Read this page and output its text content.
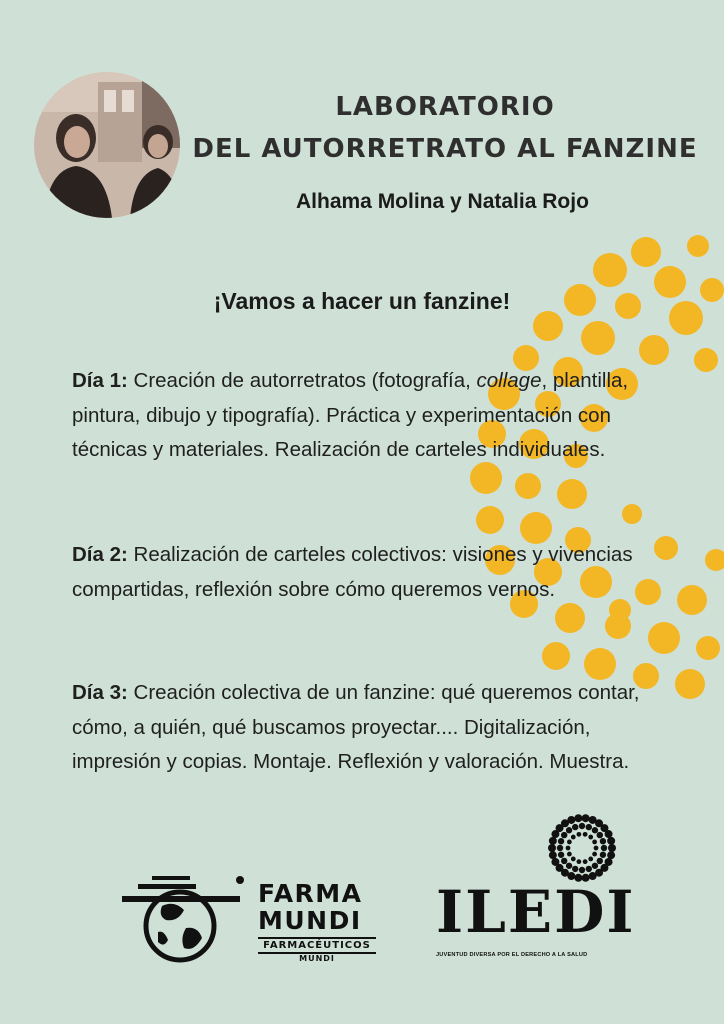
LABORATORIO
DEL AUTORRETRATO AL FANZINE
Alhama Molina y Natalia Rojo
¡Vamos a hacer un fanzine!
Día 1: Creación de autorretratos (fotografía, collage, plantilla, pintura, dibujo y tipografía). Práctica y experimentación con técnicas y materiales. Realización de carteles individuales.
Día 2: Realización de carteles colectivos: visiones y vivencias compartidas, reflexión sobre cómo queremos vernos.
Día 3: Creación colectiva de un fanzine: qué queremos contar, cómo, a quién, qué buscamos proyectar.... Digitalización, impresión y copias. Montaje. Reflexión y valoración. Muestra.
FARMA
MUNDI
FARMACÉUTICOS
MUNDI
ILEDI
JUVENTUD DIVERSA POR EL DERECHO A LA SALUD
